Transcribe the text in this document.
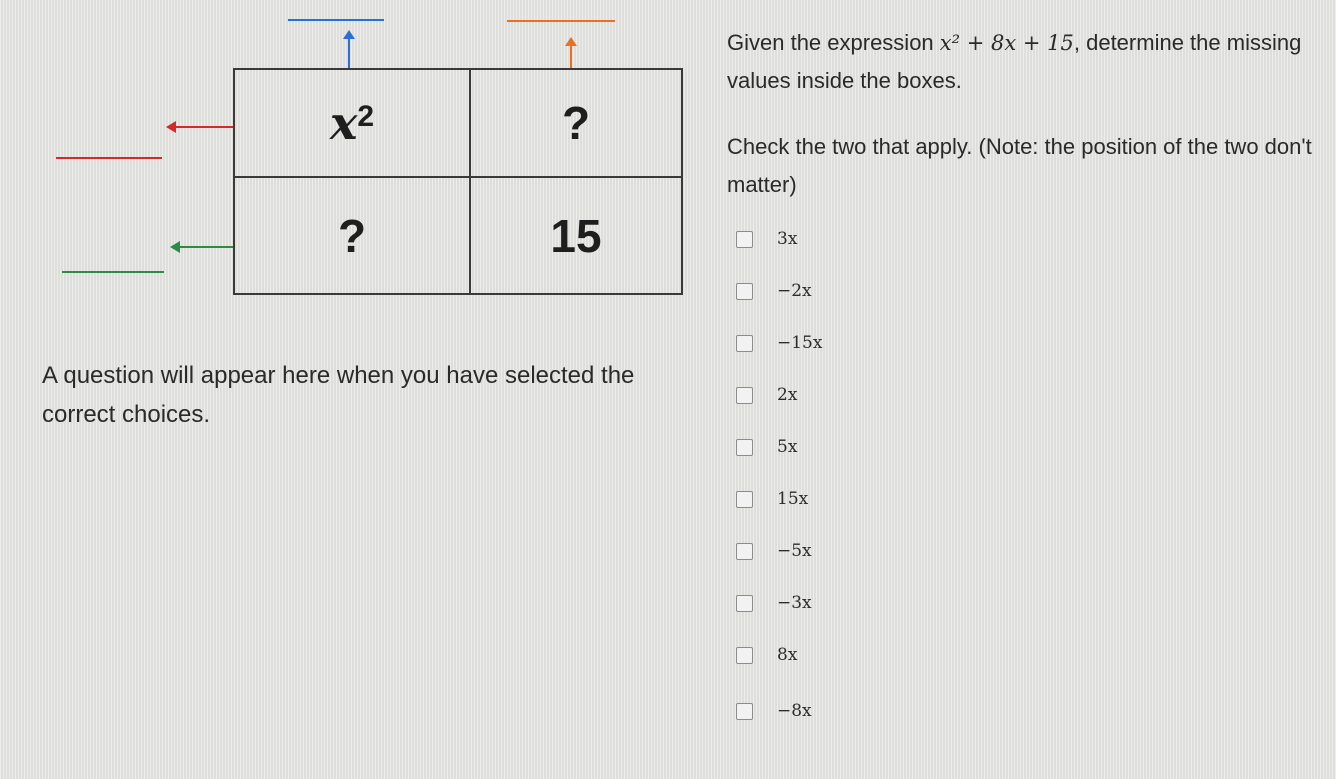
$x^2$	?
?	15
Given the expression x² + 8x + 15, determine the missing values inside the boxes.
Check the two that apply. (Note: the position of the two don't matter)
A question will appear here when you have selected the correct choices.
3x
−2x
−15x
2x
5x
15x
−5x
−3x
8x
−8x
